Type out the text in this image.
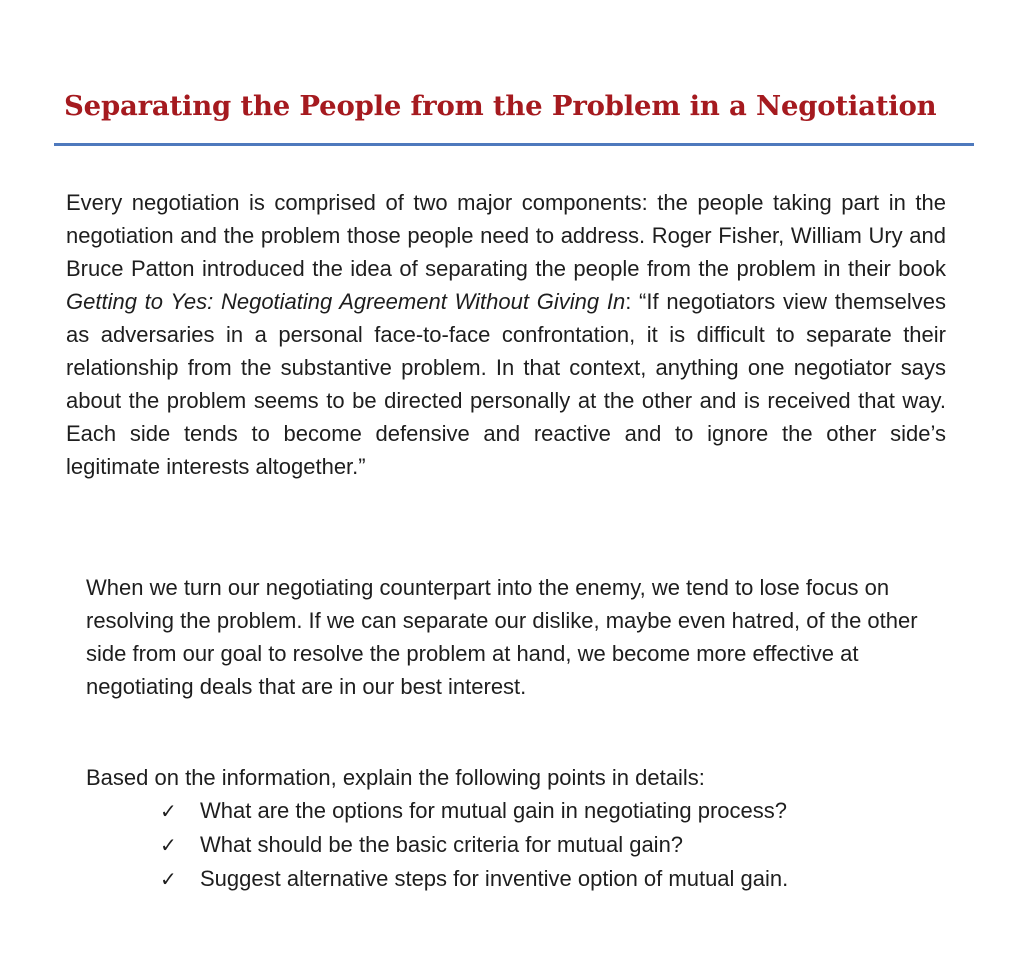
Separating the People from the Problem in a Negotiation

Every negotiation is comprised of two major components: the people taking part in the negotiation and the problem those people need to address. Roger Fisher, William Ury and Bruce Patton introduced the idea of separating the people from the problem in their book Getting to Yes: Negotiating Agreement Without Giving In: “If negotiators view themselves as adversaries in a personal face-to-face confrontation, it is difficult to separate their relationship from the substantive problem. In that context, anything one negotiator says about the problem seems to be directed personally at the other and is received that way. Each side tends to become defensive and reactive and to ignore the other side’s legitimate interests altogether.”

When we turn our negotiating counterpart into the enemy, we tend to lose focus on resolving the problem. If we can separate our dislike, maybe even hatred, of the other side from our goal to resolve the problem at hand, we become more effective at negotiating deals that are in our best interest.

Based on the information, explain the following points in details:

✓	What are the options for mutual gain in negotiating process?
✓	What should be the basic criteria for mutual gain?
✓	Suggest alternative steps for inventive option of mutual gain.
